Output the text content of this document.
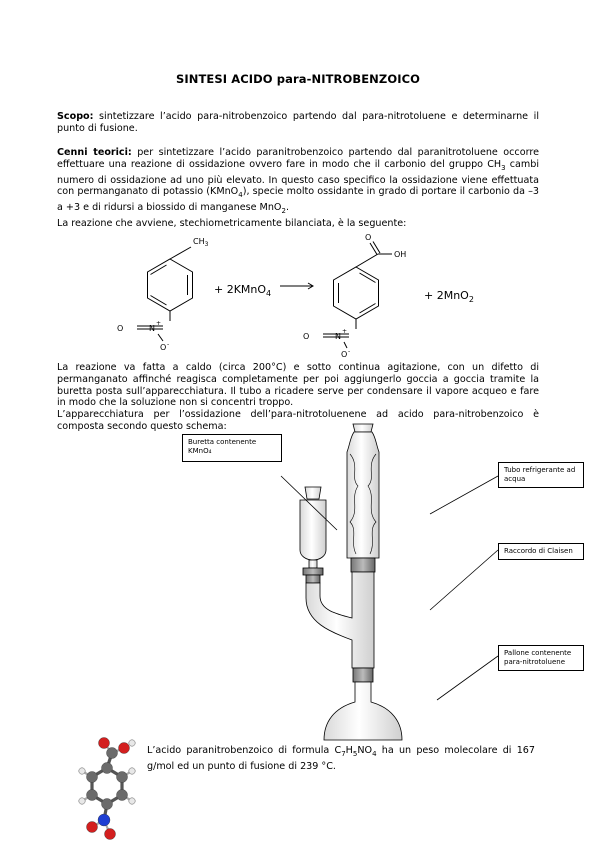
SINTESI ACIDO para-NITROBENZOICO

Scopo: sintetizzare l’acido para-nitrobenzoico partendo dal para-nitrotoluene e determinarne il punto di fusione.

Cenni teorici: per sintetizzare l’acido paranitrobenzoico partendo dal paranitrotoluene occorre effettuare una reazione di ossidazione ovvero fare in modo che il carbonio del gruppo $CH_3$ cambi numero di ossidazione ad uno più elevato. In questo caso specifico la ossidazione viene effettuata con permanganato di potassio (KMnO$_4$), specie molto ossidante in grado di portare il carbonio da –3 a +3 e di ridursi a biossido di manganese MnO$_2$.
La reazione che avviene, stechiometricamente bilanciata, è la seguente:

$CH_3$
O	N
+
O -
+ 2KMnO$_4$
O
OH
O	N
+
O -
+ 2MnO$_2$

La reazione va fatta a caldo (circa 200°C) e sotto continua agitazione, con un difetto di permanganato affinché reagisca completamente per poi aggiungerlo goccia a goccia tramite la buretta posta sull’apparecchiatura. Il tubo a ricadere serve per condensare il vapore acqueo e fare in modo che la soluzione non si concentri troppo.
L’apparecchiatura per l’ossidazione dell’para-nitrotoluenene ad acido para-nitrobenzoico è composta secondo questo schema:

Buretta contenente KMnO₄
Tubo refrigerante ad acqua
Raccordo di Claisen
Pallone contenente para-nitrotoluene

L’acido paranitrobenzoico di formula $C_7H_5NO_4$ ha un peso molecolare di 167 g/mol ed un punto di fusione di 239 °C.
